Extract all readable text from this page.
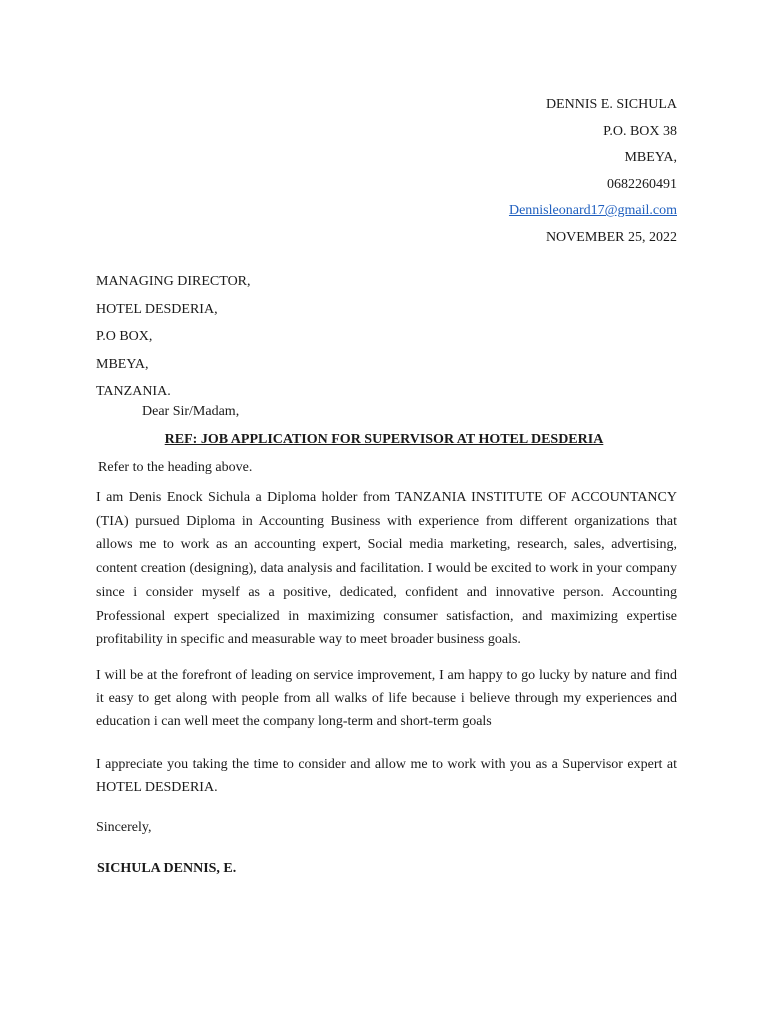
DENNIS E. SICHULA
P.O. BOX 38
MBEYA,
0682260491
Dennisleonard17@gmail.com
NOVEMBER 25, 2022
MANAGING DIRECTOR,
HOTEL DESDERIA,
P.O BOX,
MBEYA,
TANZANIA.
Dear Sir/Madam,
REF: JOB APPLICATION FOR SUPERVISOR AT HOTEL DESDERIA
Refer to the heading above.
I am Denis Enock Sichula a Diploma holder from TANZANIA INSTITUTE OF ACCOUNTANCY (TIA) pursued Diploma in Accounting Business with experience from different organizations that allows me to work as an accounting expert, Social media marketing, research, sales, advertising, content creation (designing), data analysis and facilitation. I would be excited to work in your company since i consider myself as a positive, dedicated, confident and innovative person. Accounting Professional expert specialized in maximizing consumer satisfaction, and maximizing expertise profitability in specific and measurable way to meet broader business goals.
I will be at the forefront of leading on service improvement, I am happy to go lucky by nature and find it easy to get along with people from all walks of life because i believe through my experiences and education i can well meet the company long-term and short-term goals
I appreciate you taking the time to consider and allow me to work with you as a Supervisor expert at HOTEL DESDERIA.
Sincerely,
SICHULA DENNIS, E.
